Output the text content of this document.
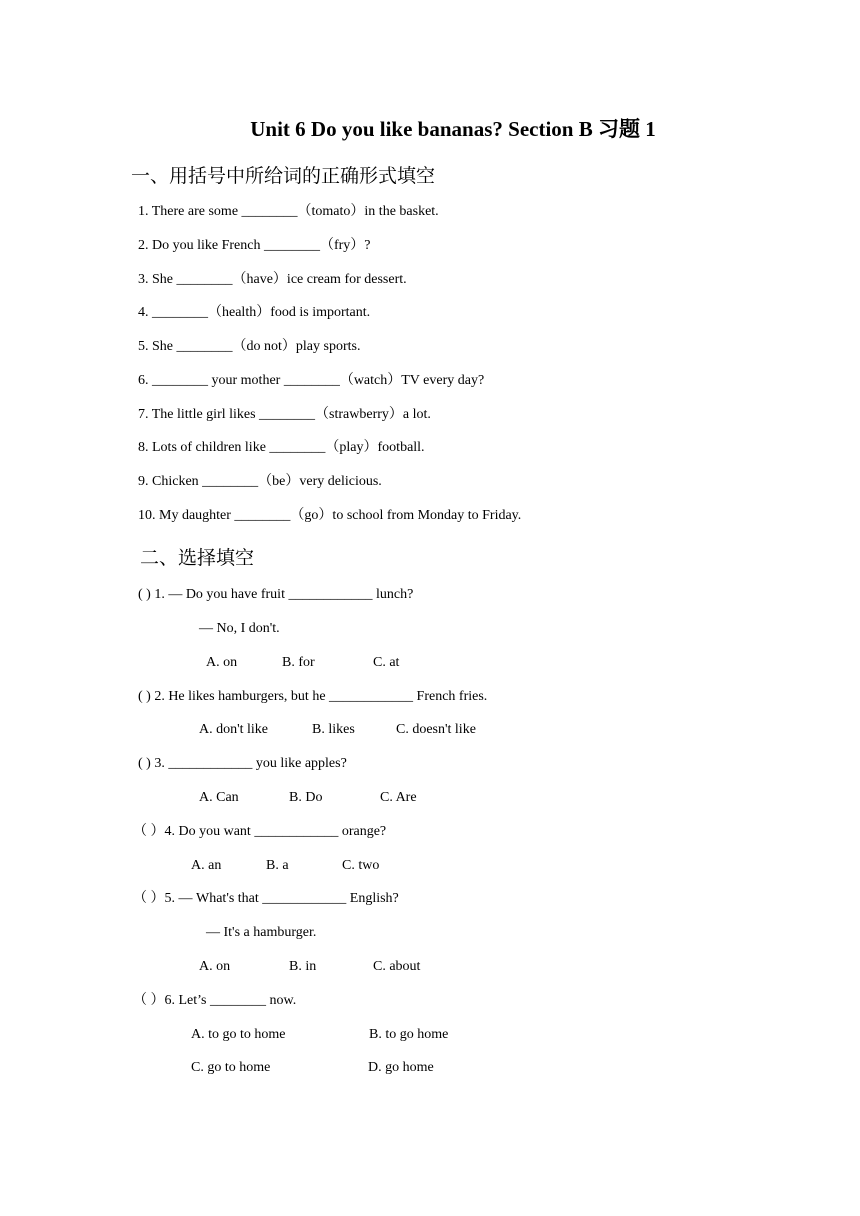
Unit 6 Do you like bananas? Section B 习题 1
一、用括号中所给词的正确形式填空
1. There are some ________（tomato）in the basket.
2. Do you like French ________（fry）?
3. She ________（have）ice cream for dessert.
4. ________（health）food is important.
5. She ________（do not）play sports.
6. ________ your mother ________（watch）TV every day?
7. The little girl likes ________（strawberry）a lot.
8. Lots of children like ________（play）football.
9. Chicken ________（be）very delicious.
10. My daughter ________（go）to school from Monday to Friday.
二、选择填空
( ) 1. — Do you have fruit ____________ lunch?
— No, I don't.
A. on	B. for	C. at
( ) 2. He likes hamburgers, but he ____________ French fries.
A. don't like	B. likes	C. doesn't like
( ) 3. ____________ you like apples?
A. Can	B. Do	C. Are
（ ）4. Do you want ____________ orange?
A. an	B. a	C. two
（ ）5. — What's that ____________ English?
— It's a hamburger.
A. on	B. in	C. about
（ ）6. Let’s ________ now.
A. to go to home	B. to go home
C. go to home	D. go home
